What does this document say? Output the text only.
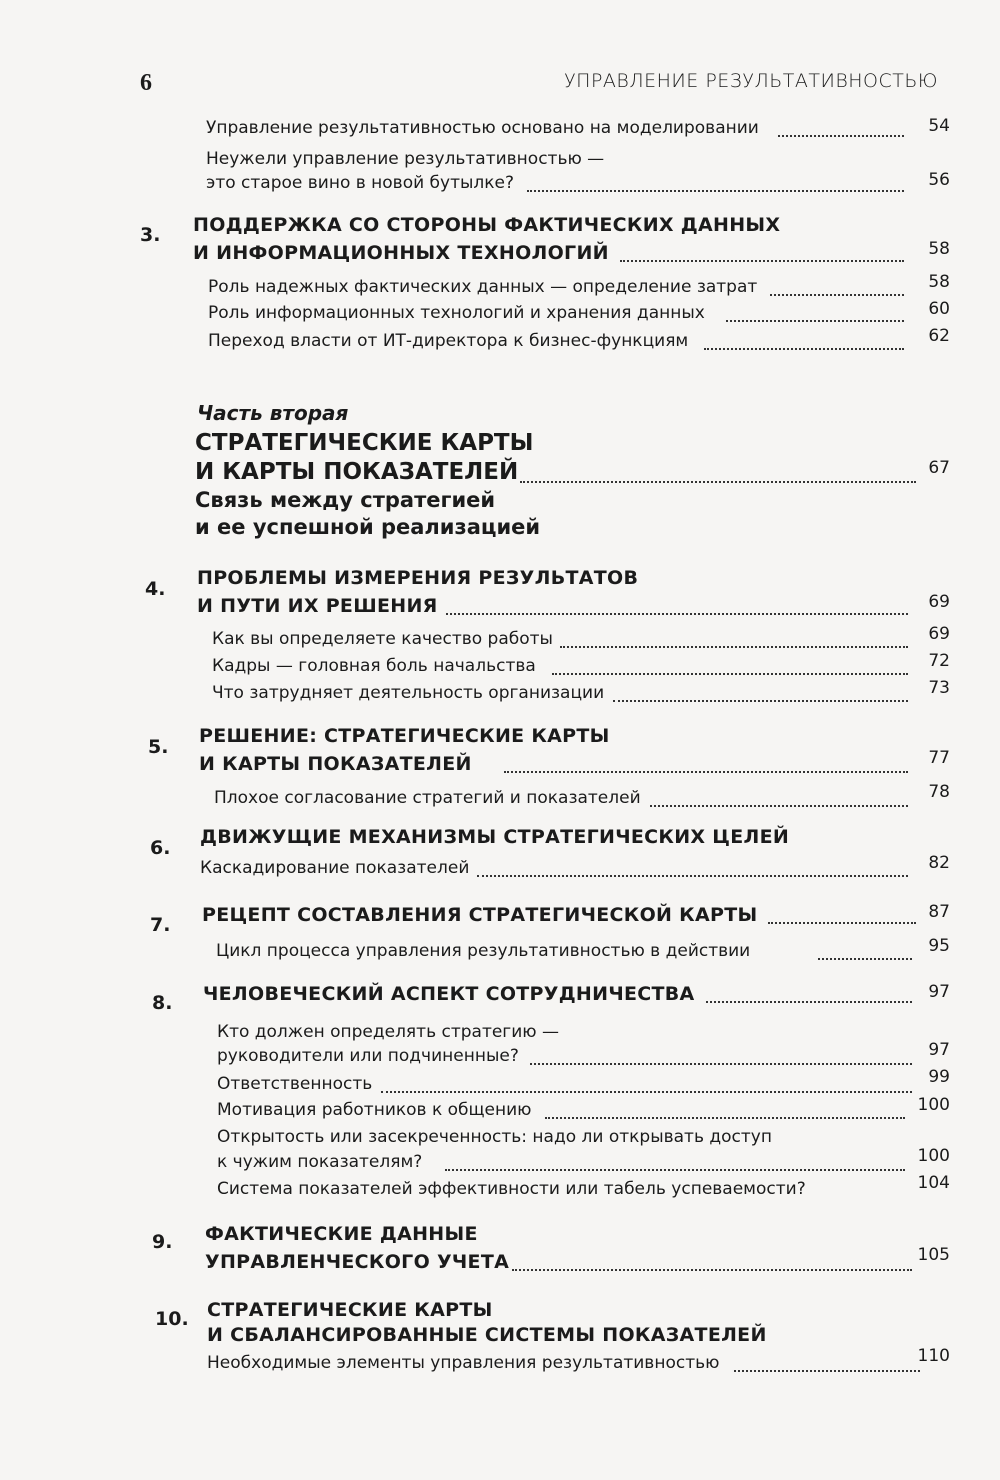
6	УПРАВЛЕНИЕ РЕЗУЛЬТАТИВНОСТЬЮ
Управление результативностью основано на моделировании	54
Неужели управление результативностью —
это старое вино в новой бутылке?	56
3. ПОДДЕРЖКА СО СТОРОНЫ ФАКТИЧЕСКИХ ДАННЫХ
И ИНФОРМАЦИОННЫХ ТЕХНОЛОГИЙ	58
Роль надежных фактических данных — определение затрат	58
Роль информационных технологий и хранения данных	60
Переход власти от ИТ-директора к бизнес-функциям	62
Часть вторая
СТРАТЕГИЧЕСКИЕ КАРТЫ
И КАРТЫ ПОКАЗАТЕЛЕЙ	67
Связь между стратегией
и ее успешной реализацией
4. ПРОБЛЕМЫ ИЗМЕРЕНИЯ РЕЗУЛЬТАТОВ
И ПУТИ ИХ РЕШЕНИЯ	69
Как вы определяете качество работы	69
Кадры — головная боль начальства	72
Что затрудняет деятельность организации	73
5. РЕШЕНИЕ: СТРАТЕГИЧЕСКИЕ КАРТЫ
И КАРТЫ ПОКАЗАТЕЛЕЙ	77
Плохое согласование стратегий и показателей	78
6. ДВИЖУЩИЕ МЕХАНИЗМЫ СТРАТЕГИЧЕСКИХ ЦЕЛЕЙ
Каскадирование показателей	82
7. РЕЦЕПТ СОСТАВЛЕНИЯ СТРАТЕГИЧЕСКОЙ КАРТЫ	87
Цикл процесса управления результативностью в действии	95
8. ЧЕЛОВЕЧЕСКИЙ АСПЕКТ СОТРУДНИЧЕСТВА	97
Кто должен определять стратегию —
руководители или подчиненные?	97
Ответственность	99
Мотивация работников к общению	100
Открытость или засекреченность: надо ли открывать доступ
к чужим показателям?	100
Система показателей эффективности или табель успеваемости?	104
9. ФАКТИЧЕСКИЕ ДАННЫЕ
УПРАВЛЕНЧЕСКОГО УЧЕТА	105
10. СТРАТЕГИЧЕСКИЕ КАРТЫ
И СБАЛАНСИРОВАННЫЕ СИСТЕМЫ ПОКАЗАТЕЛЕЙ
Необходимые элементы управления результативностью	110
